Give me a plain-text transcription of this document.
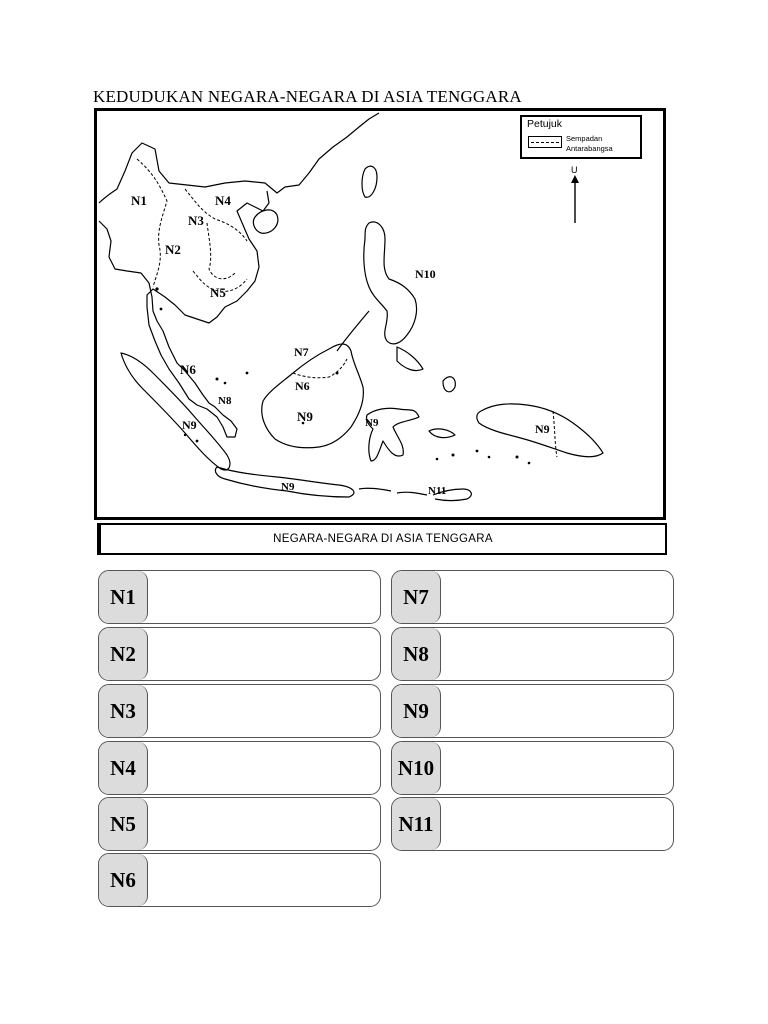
KEDUDUKAN NEGARA-NEGARA DI ASIA TENGGARA
Petujuk
Sempadan
Antarabangsa
U
N1	N4
N3
N2
N5
N10
N7
N6
N6
N8
N9
N9	N9	N9
N9	N11
NEGARA-NEGARA DI ASIA TENGGARA
N1
N2
N3
N4
N5
N6
N7
N8
N9
N10
N11
